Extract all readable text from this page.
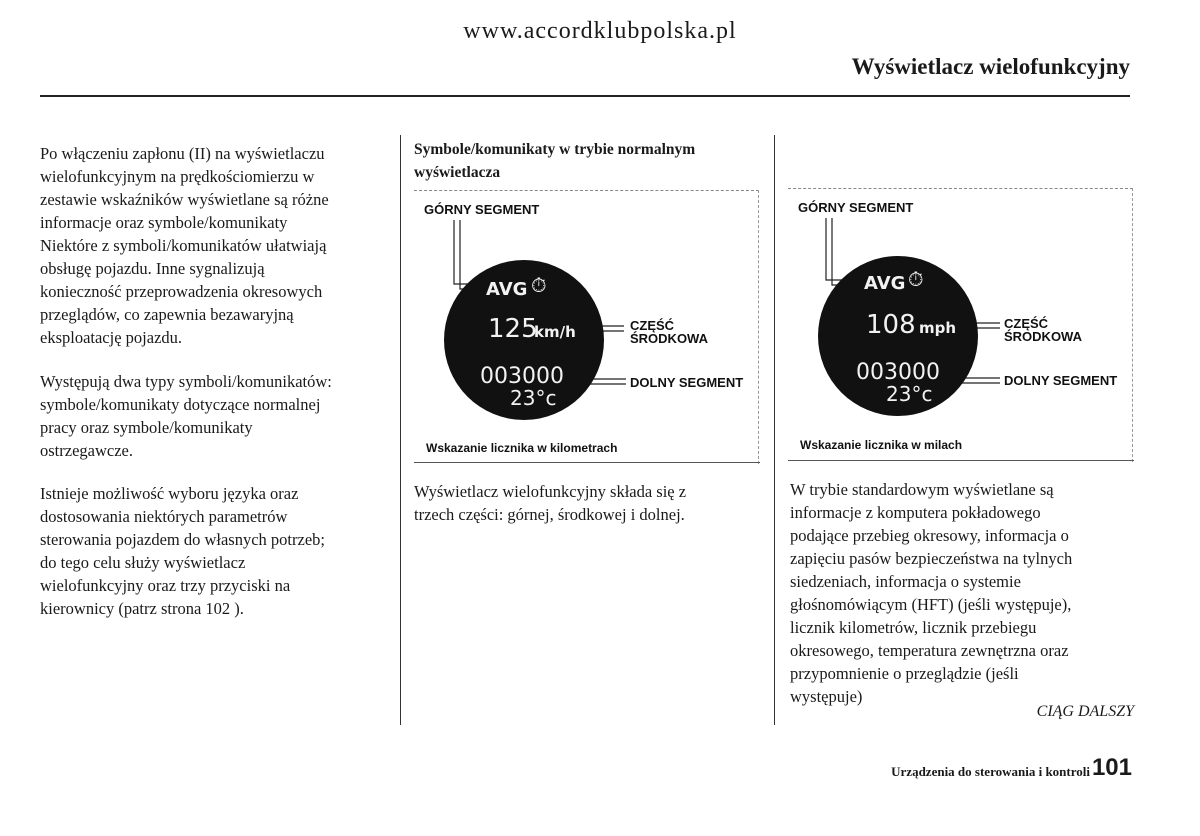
www.accordklubpolska.pl
Wyświetlacz wielofunkcyjny
Po włączeniu zapłonu (II) na wyświetlaczu
wielofunkcyjnym na prędkościomierzu w
zestawie wskaźników wyświetlane są różne
informacje oraz symbole/komunikaty
Niektóre z symboli/komunikatów ułatwiają
obsługę pojazdu. Inne sygnalizują
konieczność przeprowadzenia okresowych
przeglądów, co zapewnia bezawaryjną
eksploatację pojazdu.
Występują dwa typy symboli/komunikatów:
symbole/komunikaty dotyczące normalnej
pracy oraz symbole/komunikaty
ostrzegawcze.
Istnieje możliwość wyboru języka oraz
dostosowania niektórych parametrów
sterowania pojazdem do własnych potrzeb;
do tego celu służy wyświetlacz
wielofunkcyjny oraz trzy przyciski na
kierownicy (patrz strona 102 ).
Symbole/komunikaty w trybie normalnym
wyświetlacza
GÓRNY SEGMENT
AVG ⏱
125
km/h
003000
23°c
CZĘŚĆ
ŚRODKOWA
DOLNY SEGMENT
Wskazanie licznika w kilometrach
Wyświetlacz wielofunkcyjny składa się z
trzech części: górnej, środkowej i dolnej.
GÓRNY SEGMENT
AVG ⏱
108 mph
003000
23°c
CZĘŚĆ
ŚRODKOWA
DOLNY SEGMENT
Wskazanie licznika w milach
W trybie standardowym wyświetlane są
informacje z komputera pokładowego
podające przebieg okresowy, informacja o
zapięciu pasów bezpieczeństwa na tylnych
siedzeniach, informacja o systemie
głośnomówiącym (HFT) (jeśli występuje),
licznik kilometrów, licznik przebiegu
okresowego, temperatura zewnętrzna oraz
przypomnienie o przeglądzie (jeśli
występuje)
CIĄG DALSZY
Urządzenia do sterowania i kontroli 101
